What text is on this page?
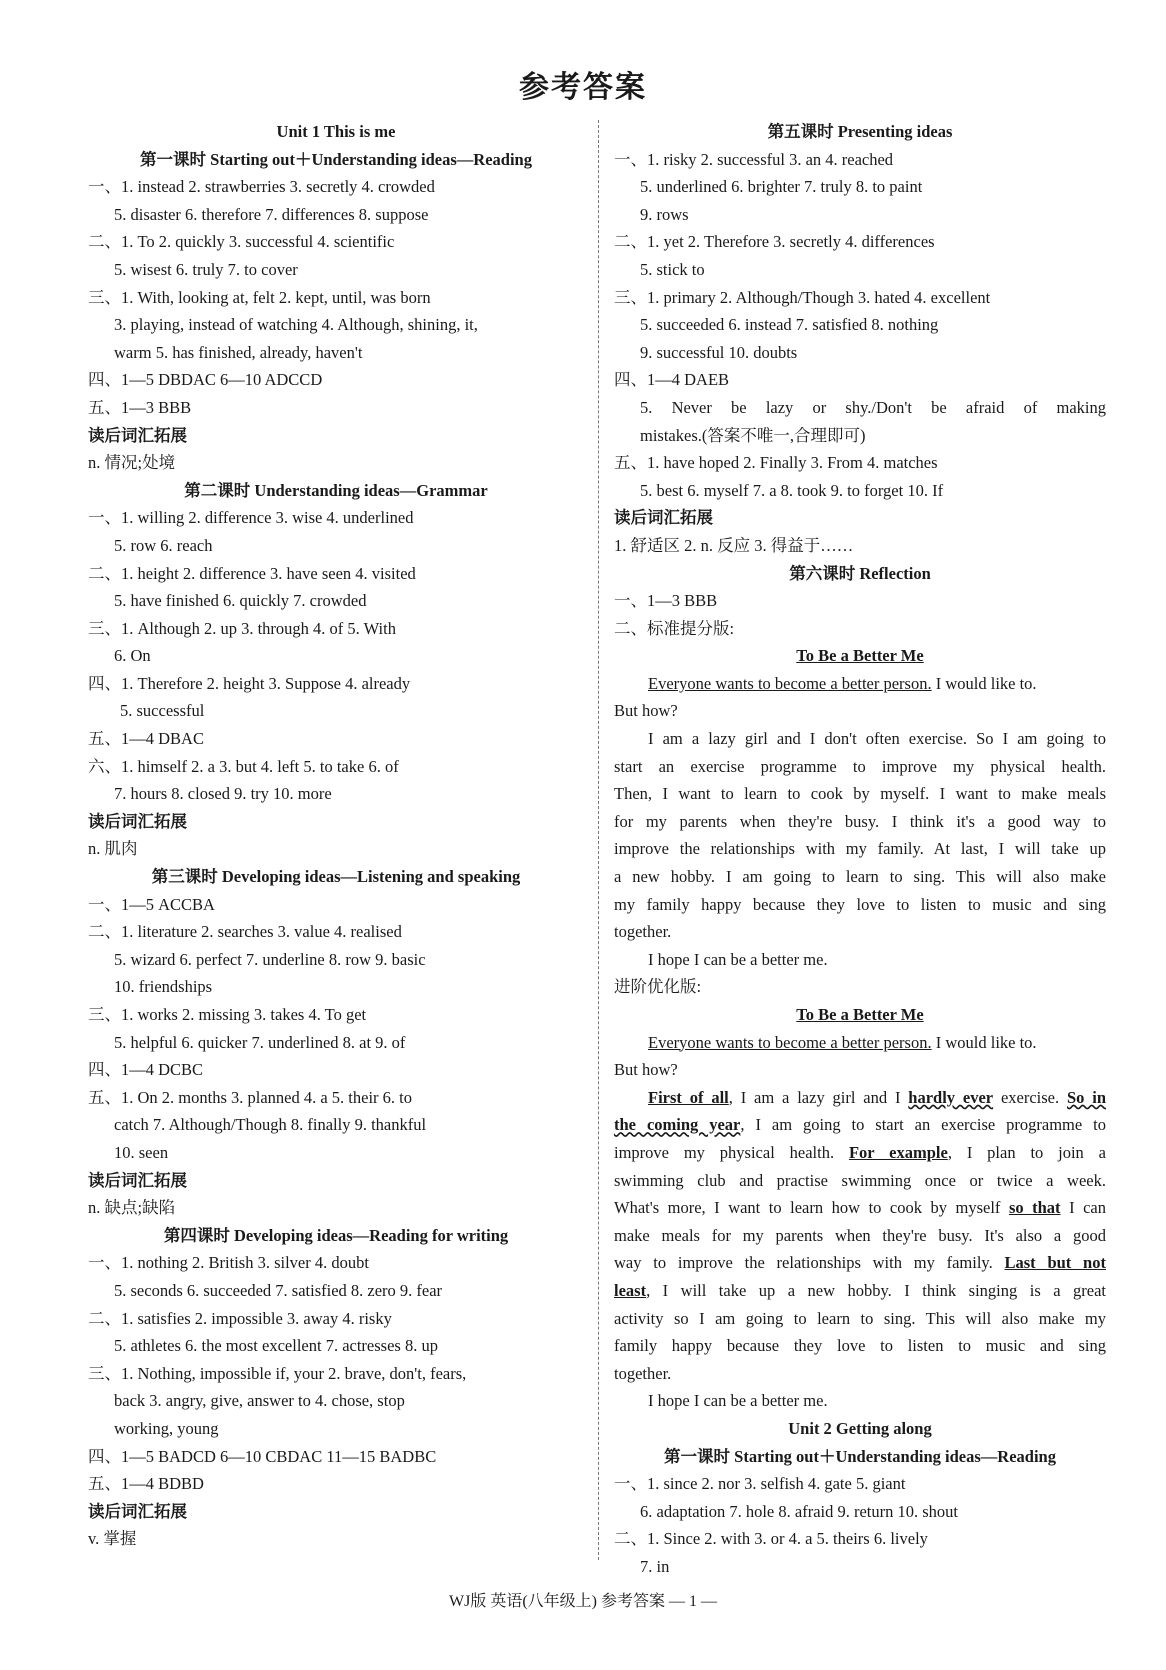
参考答案
Unit 1 This is me
第一课时 Starting out＋Understanding ideas—Reading
一、1. instead 2. strawberries 3. secretly 4. crowded
5. disaster 6. therefore 7. differences 8. suppose
二、1. To 2. quickly 3. successful 4. scientific
5. wisest 6. truly 7. to cover
三、1. With, looking at, felt 2. kept, until, was born
3. playing, instead of watching 4. Although, shining, it,
warm 5. has finished, already, haven't
四、1—5 DBDAC 6—10 ADCCD
五、1—3 BBB
读后词汇拓展
n. 情况;处境
第二课时 Understanding ideas—Grammar
一、1. willing 2. difference 3. wise 4. underlined
5. row 6. reach
二、1. height 2. difference 3. have seen 4. visited
5. have finished 6. quickly 7. crowded
三、1. Although 2. up 3. through 4. of 5. With
6. On
四、1. Therefore 2. height 3. Suppose 4. already
5. successful
五、1—4 DBAC
六、1. himself 2. a 3. but 4. left 5. to take 6. of
7. hours 8. closed 9. try 10. more
读后词汇拓展
n. 肌肉
第三课时 Developing ideas—Listening and speaking
一、1—5 ACCBA
二、1. literature 2. searches 3. value 4. realised
5. wizard 6. perfect 7. underline 8. row 9. basic
10. friendships
三、1. works 2. missing 3. takes 4. To get
5. helpful 6. quicker 7. underlined 8. at 9. of
四、1—4 DCBC
五、1. On 2. months 3. planned 4. a 5. their 6. to
catch 7. Although/Though 8. finally 9. thankful
10. seen
读后词汇拓展
n. 缺点;缺陷
第四课时 Developing ideas—Reading for writing
一、1. nothing 2. British 3. silver 4. doubt
5. seconds 6. succeeded 7. satisfied 8. zero 9. fear
二、1. satisfies 2. impossible 3. away 4. risky
5. athletes 6. the most excellent 7. actresses 8. up
三、1. Nothing, impossible if, your 2. brave, don't, fears,
back 3. angry, give, answer to 4. chose, stop
working, young
四、1—5 BADCD 6—10 CBDAC 11—15 BADBC
五、1—4 BDBD
读后词汇拓展
v. 掌握
第五课时 Presenting ideas
一、1. risky 2. successful 3. an 4. reached
5. underlined 6. brighter 7. truly 8. to paint
9. rows
二、1. yet 2. Therefore 3. secretly 4. differences
5. stick to
三、1. primary 2. Although/Though 3. hated 4. excellent
5. succeeded 6. instead 7. satisfied 8. nothing
9. successful 10. doubts
四、1—4 DAEB
5. Never be lazy or shy./Don't be afraid of making
mistakes.(答案不唯一,合理即可)
五、1. have hoped 2. Finally 3. From 4. matches
5. best 6. myself 7. a 8. took 9. to forget 10. If
读后词汇拓展
1. 舒适区 2. n. 反应 3. 得益于……
第六课时 Reflection
一、1—3 BBB
二、标准提分版:
To Be a Better Me
Everyone wants to become a better person. I would like to.
But how?
I am a lazy girl and I don't often exercise. So I am going to
start an exercise programme to improve my physical health.
Then, I want to learn to cook by myself. I want to make meals
for my parents when they're busy. I think it's a good way to
improve the relationships with my family. At last, I will take up
a new hobby. I am going to learn to sing. This will also make
my family happy because they love to listen to music and sing
together.
I hope I can be a better me.
进阶优化版:
To Be a Better Me
Everyone wants to become a better person. I would like to.
But how?
First of all, I am a lazy girl and I hardly ever exercise. So in
the coming year, I am going to start an exercise programme to
improve my physical health. For example, I plan to join a
swimming club and practise swimming once or twice a week.
What's more, I want to learn how to cook by myself so that I can
make meals for my parents when they're busy. It's also a good
way to improve the relationships with my family. Last but not
least, I will take up a new hobby. I think singing is a great
activity so I am going to learn to sing. This will also make my
family happy because they love to listen to music and sing
together.
I hope I can be a better me.
Unit 2 Getting along
第一课时 Starting out＋Understanding ideas—Reading
一、1. since 2. nor 3. selfish 4. gate 5. giant
6. adaptation 7. hole 8. afraid 9. return 10. shout
二、1. Since 2. with 3. or 4. a 5. theirs 6. lively
7. in
WJ版 英语(八年级上) 参考答案 — 1 —
